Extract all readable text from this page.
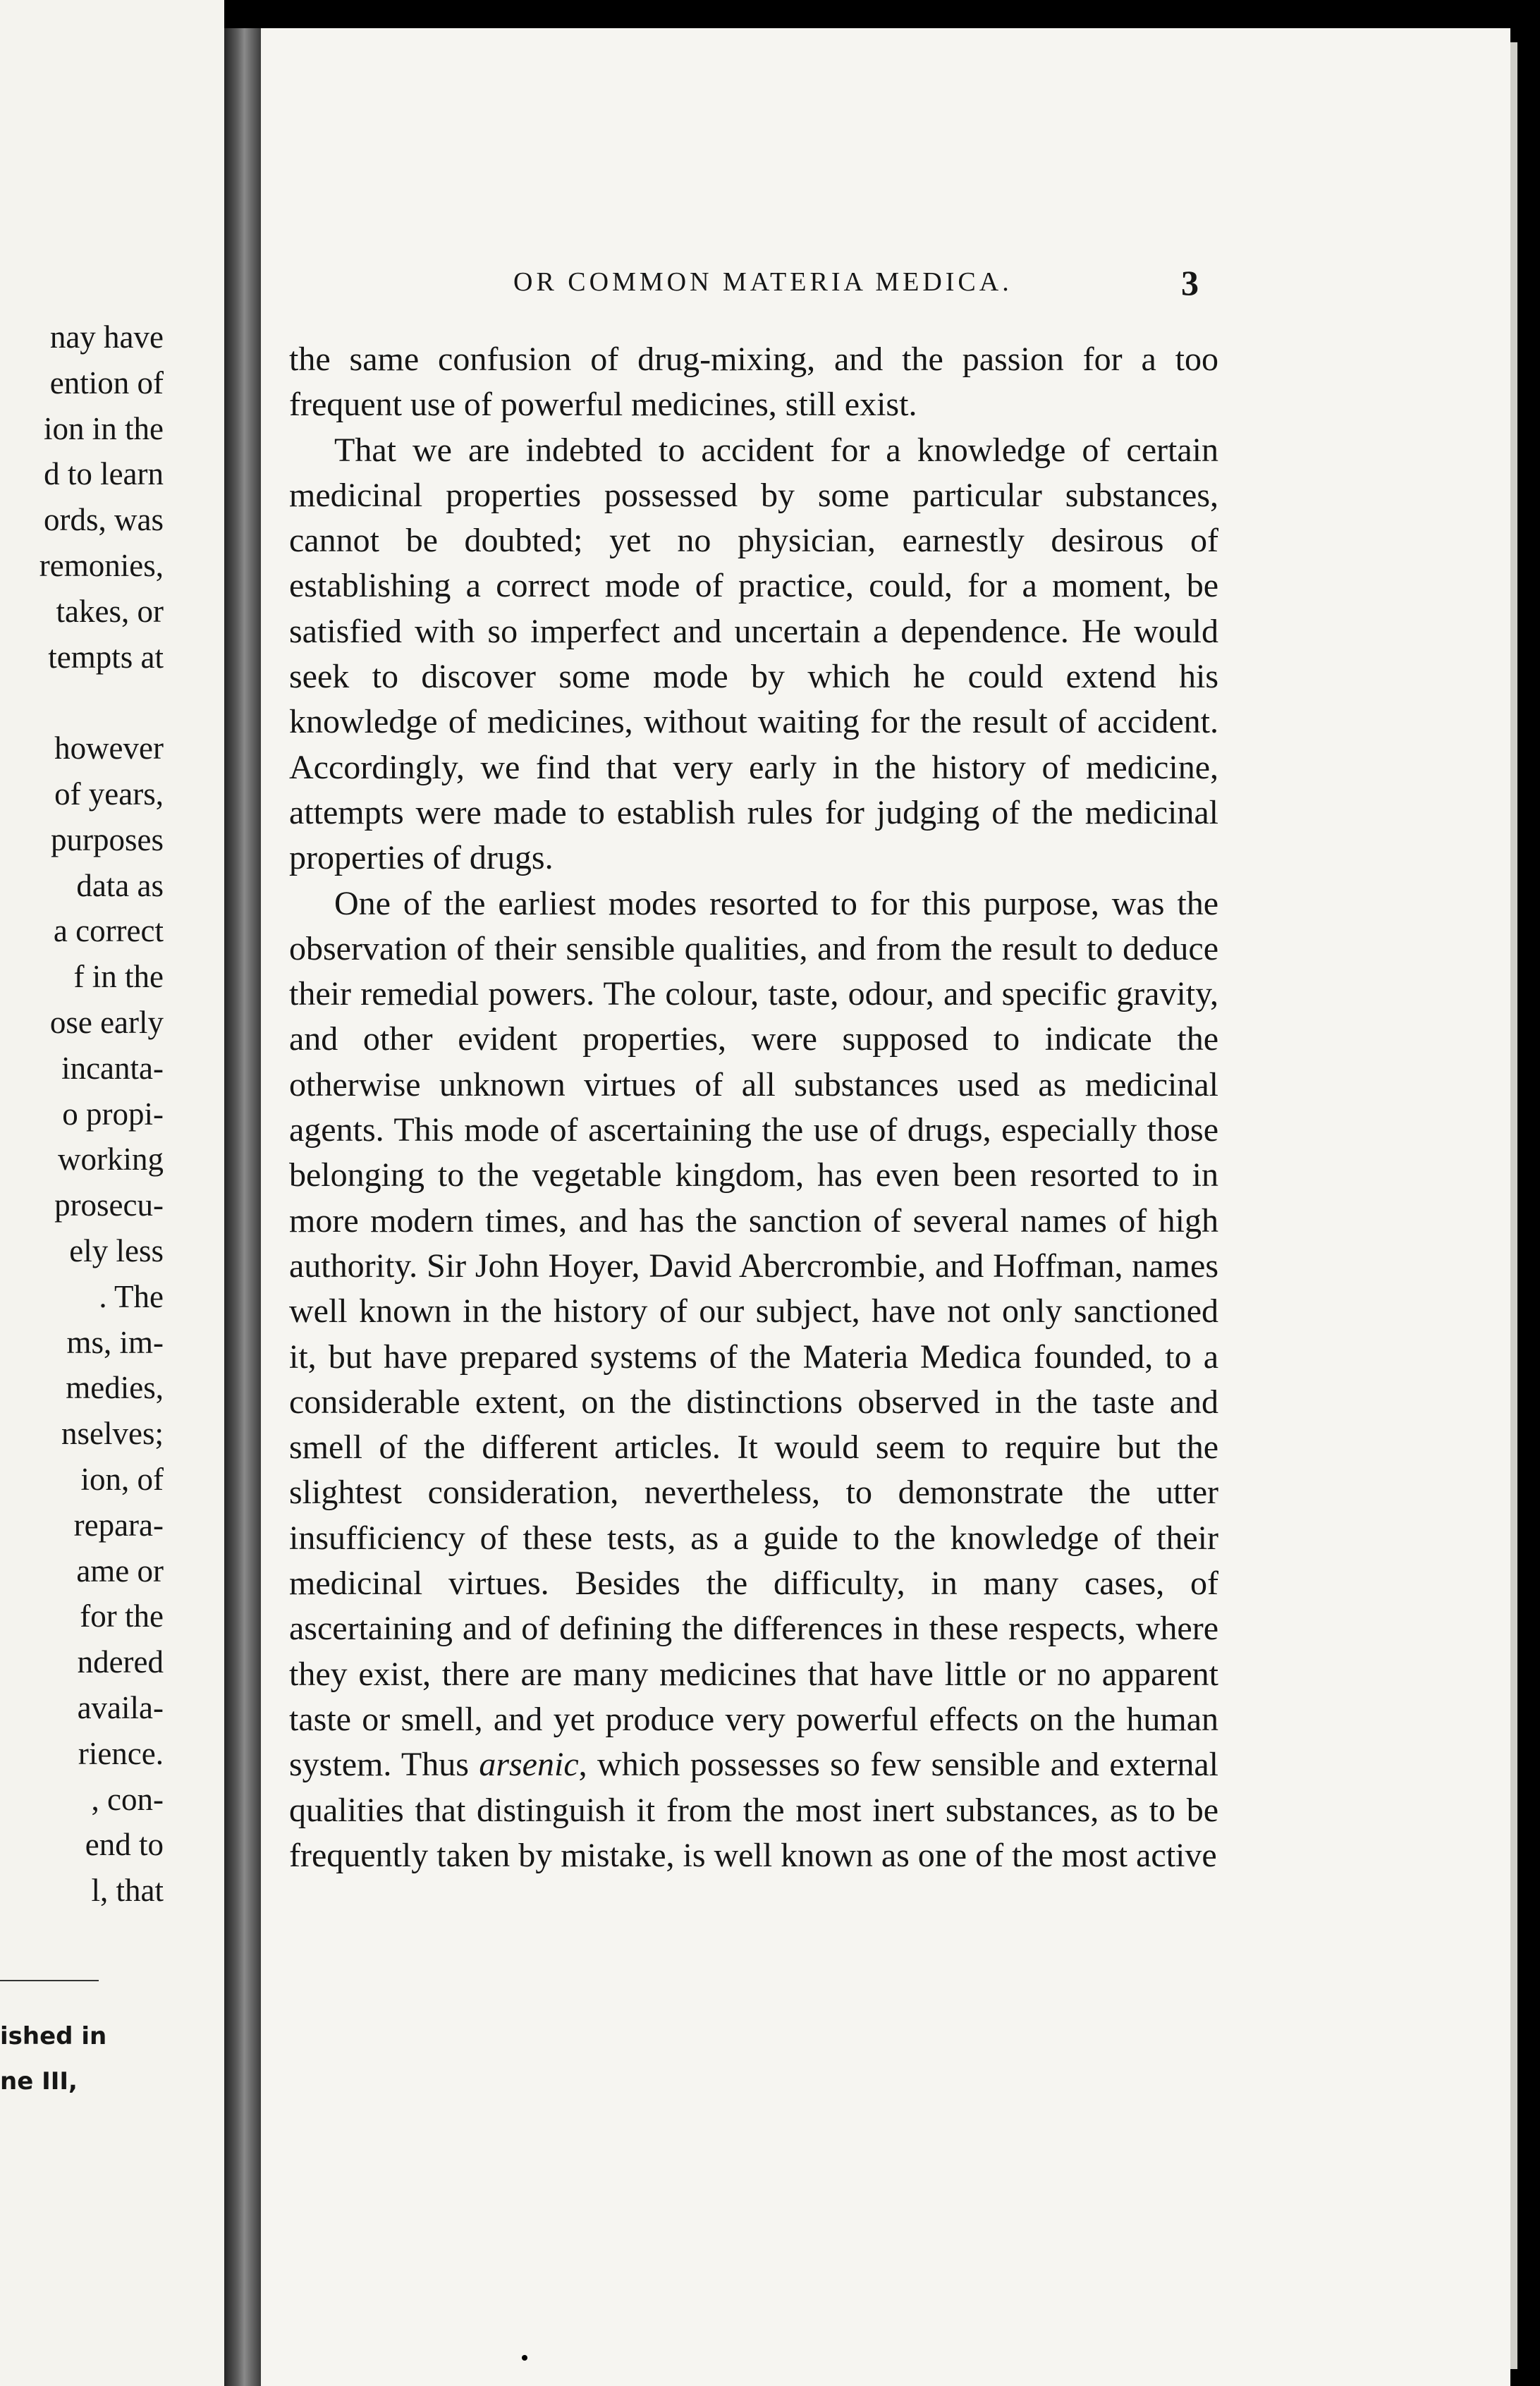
nay have
ention of
ion in the
d to learn
ords, was
remonies,
takes, or
tempts at
however
of years,
purposes
data as
a correct
f in the
ose early
incanta-
o propi-
working
prosecu-
ely less
. The
ms, im-
medies,
nselves;
ion, of
repara-
ame or
for the
ndered
availa-
rience.
, con-
end to
l, that
ished in
ne III,
OR COMMON MATERIA MEDICA.	3

the same confusion of drug-mixing, and the passion for a too frequent use of powerful medicines, still exist.

That we are indebted to accident for a knowledge of certain medicinal properties possessed by some particular substances, cannot be doubted; yet no physician, earnestly desirous of establishing a correct mode of practice, could, for a moment, be satisfied with so imperfect and uncertain a dependence. He would seek to discover some mode by which he could extend his knowledge of medicines, without waiting for the result of accident. Accordingly, we find that very early in the history of medicine, attempts were made to establish rules for judging of the medicinal properties of drugs.

One of the earliest modes resorted to for this purpose, was the observation of their sensible qualities, and from the result to deduce their remedial powers. The colour, taste, odour, and specific gravity, and other evident properties, were supposed to indicate the otherwise unknown virtues of all substances used as medicinal agents. This mode of ascertaining the use of drugs, especially those belonging to the vegetable kingdom, has even been resorted to in more modern times, and has the sanction of several names of high authority. Sir John Hoyer, David Abercrombie, and Hoffman, names well known in the history of our subject, have not only sanctioned it, but have prepared systems of the Materia Medica founded, to a considerable extent, on the distinctions observed in the taste and smell of the different articles. It would seem to require but the slightest consideration, nevertheless, to demonstrate the utter insufficiency of these tests, as a guide to the knowledge of their medicinal virtues. Besides the difficulty, in many cases, of ascertaining and of defining the differences in these respects, where they exist, there are many medicines that have little or no apparent taste or smell, and yet produce very powerful effects on the human system. Thus arsenic, which possesses so few sensible and external qualities that distinguish it from the most inert substances, as to be frequently taken by mistake, is well known as one of the most active
